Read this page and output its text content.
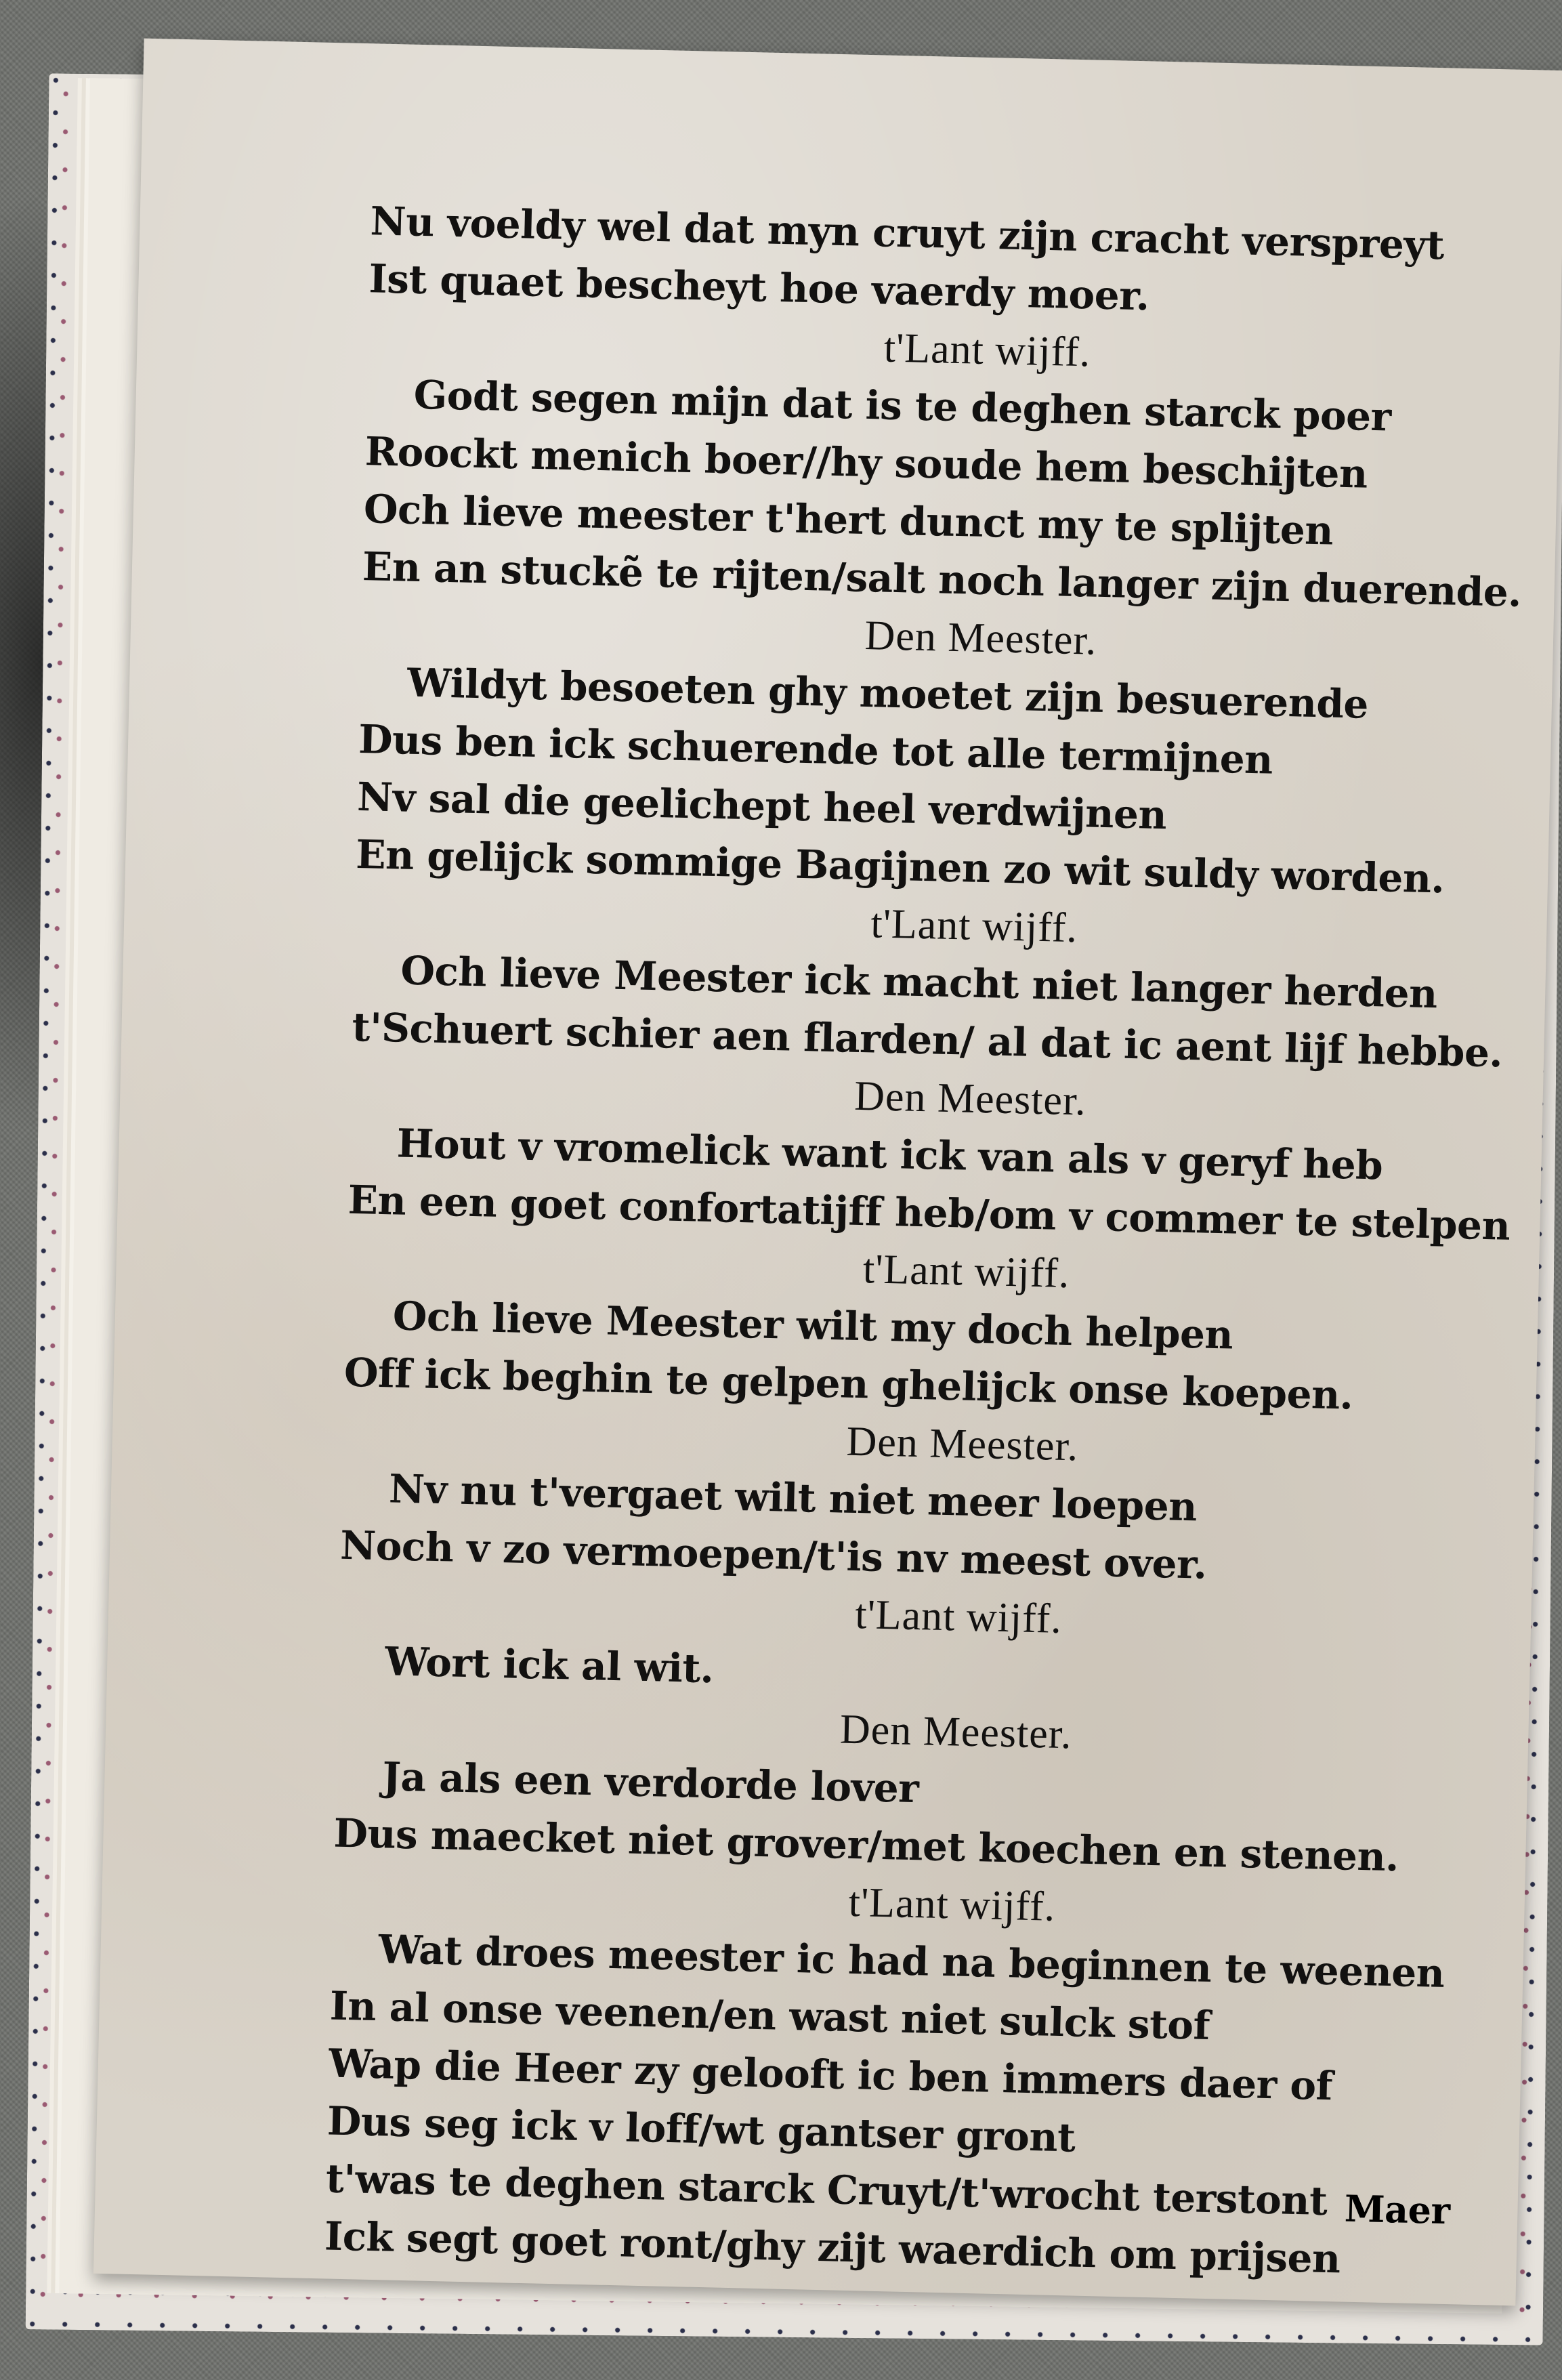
Nu voeldy wel dat myn cruyt zijn cracht verspreyt
Ist quaet bescheyt hoe vaerdy moer.
t'Lant wijff.
Godt segen mijn dat is te deghen starck poer
Roockt menich boer//hy soude hem beschijten
Och lieve meester t'hert dunct my te splijten
En an stuckẽ te rijten/salt noch langer zijn duerende.
Den Meester.
Wildyt besoeten ghy moetet zijn besuerende
Dus ben ick schuerende tot alle termijnen
Nv sal die geelichept heel verdwijnen
En gelijck sommige Bagijnen zo wit suldy worden.
t'Lant wijff.
Och lieve Meester ick macht niet langer herden
t'Schuert schier aen flarden/ al dat ic aent lijf hebbe.
Den Meester.
Hout v vromelick want ick van als v geryf heb
En een goet confortatijff heb/om v commer te stelpen
t'Lant wijff.
Och lieve Meester wilt my doch helpen
Off ick beghin te gelpen ghelijck onse koepen.
Den Meester.
Nv nu t'vergaet wilt niet meer loepen
Noch v zo vermoepen/t'is nv meest over.
t'Lant wijff.
Wort ick al wit.
Den Meester.
Ja als een verdorde lover
Dus maecket niet grover/met koechen en stenen.
t'Lant wijff.
Wat droes meester ic had na beginnen te weenen
In al onse veenen/en wast niet sulck stof
Wap die Heer zy gelooft ic ben immers daer of
Dus seg ick v loff/wt gantser gront
t'was te deghen starck Cruyt/t'wrocht terstont
Ick segt goet ront/ghy zijt waerdich om prijsen
Maer
